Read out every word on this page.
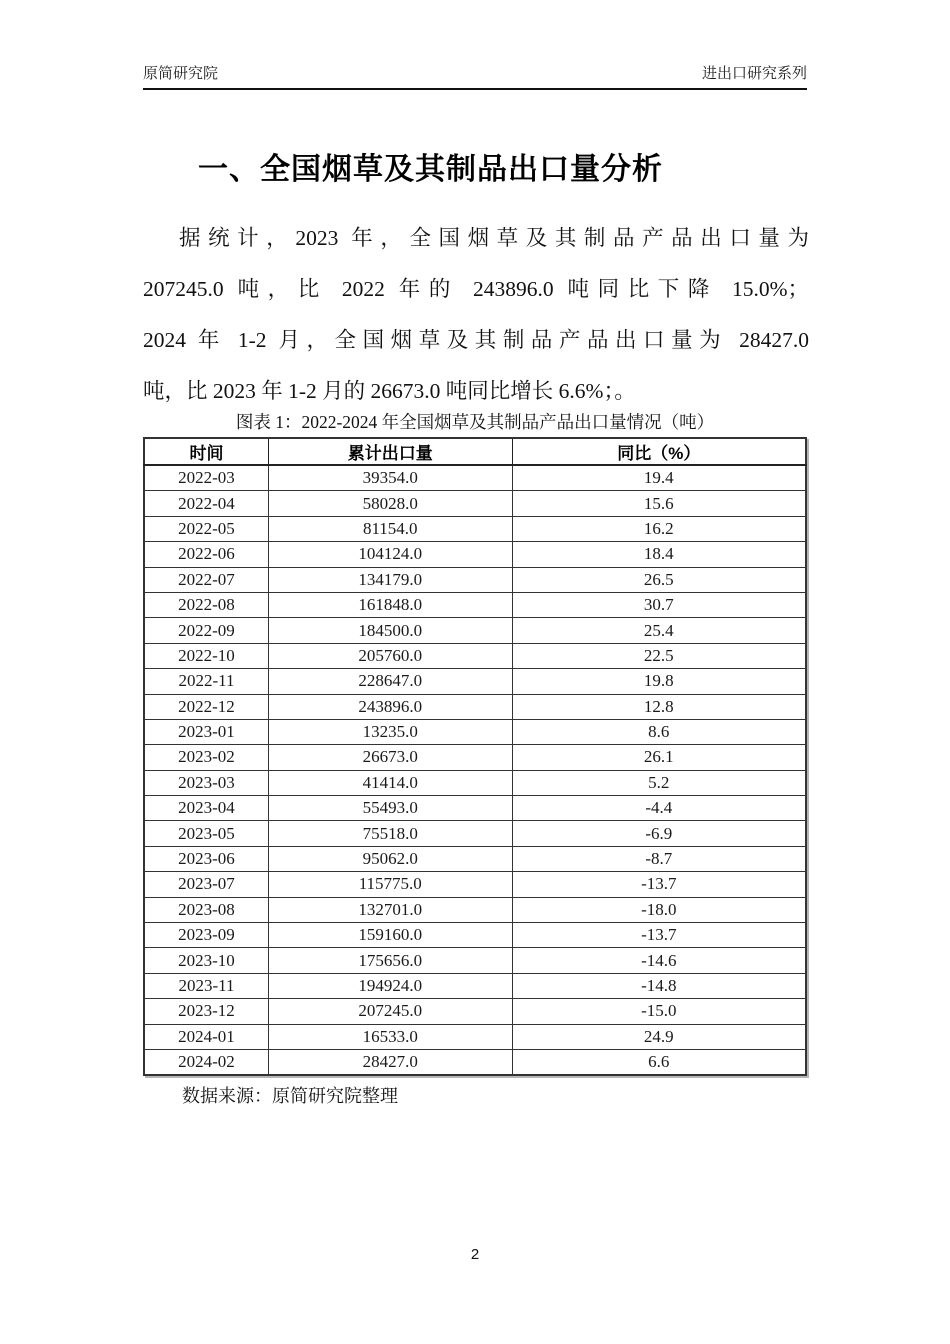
原简研究院	进出口研究系列
一、全国烟草及其制品出口量分析
据统计，2023 年，全国烟草及其制品产品出口量为
207245.0 吨，比 2022 年的 243896.0 吨同比下降 15.0%；
2024 年 1-2 月，全国烟草及其制品产品出口量为 28427.0
吨，比 2023 年 1-2 月的 26673.0 吨同比增长 6.6%；。
图表 1：2022-2024 年全国烟草及其制品产品出口量情况（吨）
时间	累计出口量	同比（%）
2022-03	39354.0	19.4
2022-04	58028.0	15.6
2022-05	81154.0	16.2
2022-06	104124.0	18.4
2022-07	134179.0	26.5
2022-08	161848.0	30.7
2022-09	184500.0	25.4
2022-10	205760.0	22.5
2022-11	228647.0	19.8
2022-12	243896.0	12.8
2023-01	13235.0	8.6
2023-02	26673.0	26.1
2023-03	41414.0	5.2
2023-04	55493.0	-4.4
2023-05	75518.0	-6.9
2023-06	95062.0	-8.7
2023-07	115775.0	-13.7
2023-08	132701.0	-18.0
2023-09	159160.0	-13.7
2023-10	175656.0	-14.6
2023-11	194924.0	-14.8
2023-12	207245.0	-15.0
2024-01	16533.0	24.9
2024-02	28427.0	6.6
数据来源：原简研究院整理
2
